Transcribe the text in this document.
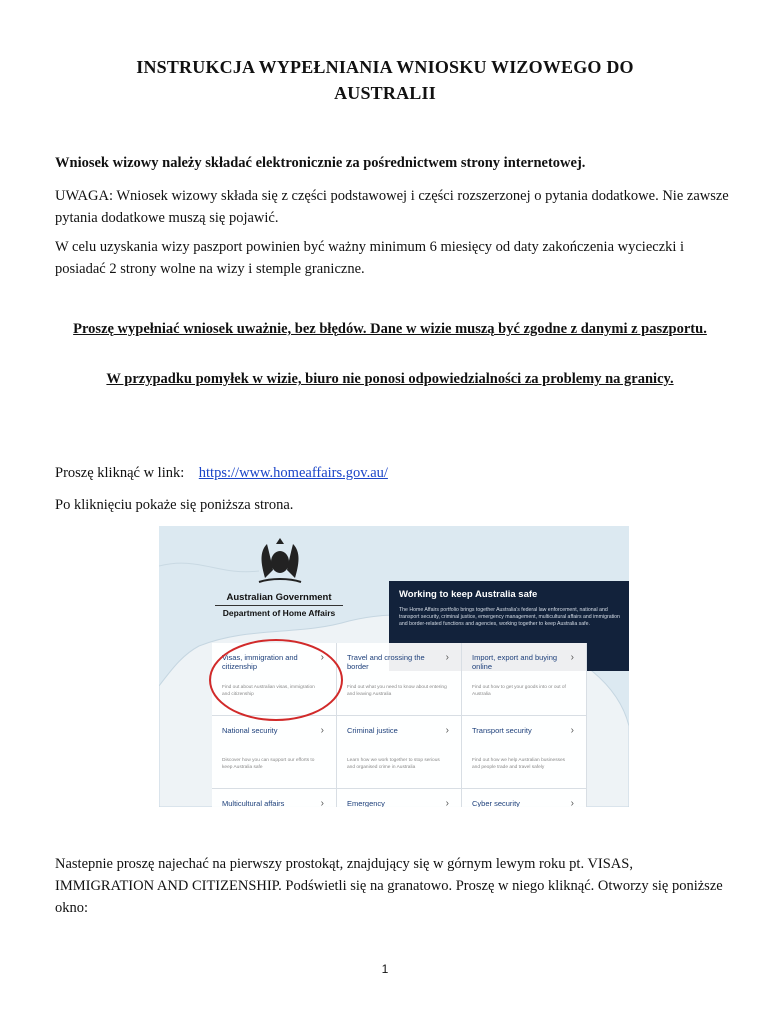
INSTRUKCJA WYPEŁNIANIA WNIOSKU WIZOWEGO DO AUSTRALII
Wniosek wizowy należy składać elektronicznie za pośrednictwem strony internetowej.
UWAGA: Wniosek wizowy składa się z części podstawowej i części rozszerzonej o pytania dodatkowe. Nie zawsze pytania dodatkowe muszą się pojawić.
W celu uzyskania wizy paszport powinien być ważny minimum 6 miesięcy od daty zakończenia wycieczki i posiadać 2 strony wolne na wizy i stemple graniczne.
Proszę wypełniać wniosek uważnie, bez błędów. Dane w wizie muszą być zgodne z danymi z paszportu.
W przypadku pomyłek w wizie, biuro nie ponosi odpowiedzialności za problemy na granicy.
Proszę kliknąć w link: https://www.homeaffairs.gov.au/
Po kliknięciu pokaże się poniższa strona.
Australian Government
Department of Home Affairs
Working to keep Australia safe
The Home Affairs portfolio brings together Australia's federal law enforcement, national and transport security, criminal justice, emergency management, multicultural affairs and immigration and border-related functions and agencies, working together to keep Australia safe.
Visas, immigration and citizenship
›
Find out about Australian visas, immigration and citizenship
Travel and crossing the border
›
Find out what you need to know about entering and leaving Australia
Import, export and buying online
›
Find out how to get your goods into or out of Australia
National security	›
Discover how you can support our efforts to keep Australia safe
Criminal justice	›
Learn how we work together to stop serious and organised crime in Australia
Transport security	›
Find out how we help Australian businesses and people trade and travel safely
Multicultural affairs	›	Emergency	›	Cyber security	›
Nastepnie proszę najechać na pierwszy prostokąt, znajdujący się w górnym lewym roku pt. VISAS, IMMIGRATION AND CITIZENSHIP. Podświetli się na granatowo. Proszę w niego kliknąć. Otworzy się poniższe okno:
1
